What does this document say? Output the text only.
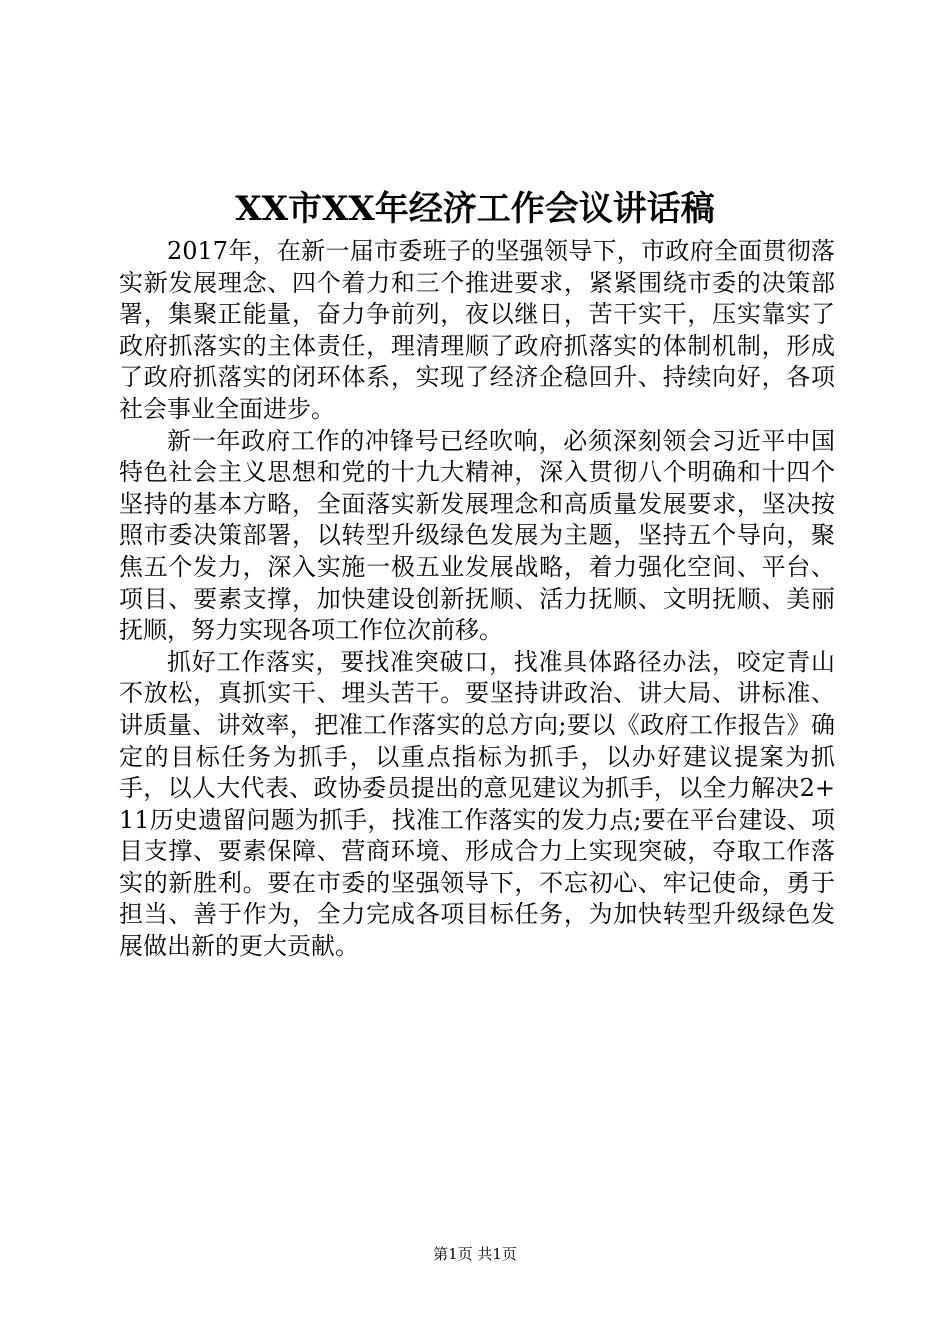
XX市XX年经济工作会议讲话稿

2017年，在新一届市委班子的坚强领导下，市政府全面贯彻落实新发展理念、四个着力和三个推进要求，紧紧围绕市委的决策部署，集聚正能量，奋力争前列，夜以继日，苦干实干，压实靠实了政府抓落实的主体责任，理清理顺了政府抓落实的体制机制，形成了政府抓落实的闭环体系，实现了经济企稳回升、持续向好，各项社会事业全面进步。

新一年政府工作的冲锋号已经吹响，必须深刻领会习近平中国特色社会主义思想和党的十九大精神，深入贯彻八个明确和十四个坚持的基本方略，全面落实新发展理念和高质量发展要求，坚决按照市委决策部署，以转型升级绿色发展为主题，坚持五个导向，聚焦五个发力，深入实施一极五业发展战略，着力强化空间、平台、项目、要素支撑，加快建设创新抚顺、活力抚顺、文明抚顺、美丽抚顺，努力实现各项工作位次前移。

抓好工作落实，要找准突破口，找准具体路径办法，咬定青山不放松，真抓实干、埋头苦干。要坚持讲政治、讲大局、讲标准、讲质量、讲效率，把准工作落实的总方向;要以《政府工作报告》确定的目标任务为抓手，以重点指标为抓手，以办好建议提案为抓手，以人大代表、政协委员提出的意见建议为抓手，以全力解决2+11历史遗留问题为抓手，找准工作落实的发力点;要在平台建设、项目支撑、要素保障、营商环境、形成合力上实现突破，夺取工作落实的新胜利。要在市委的坚强领导下，不忘初心、牢记使命，勇于担当、善于作为，全力完成各项目标任务，为加快转型升级绿色发展做出新的更大贡献。

第1页 共1页
